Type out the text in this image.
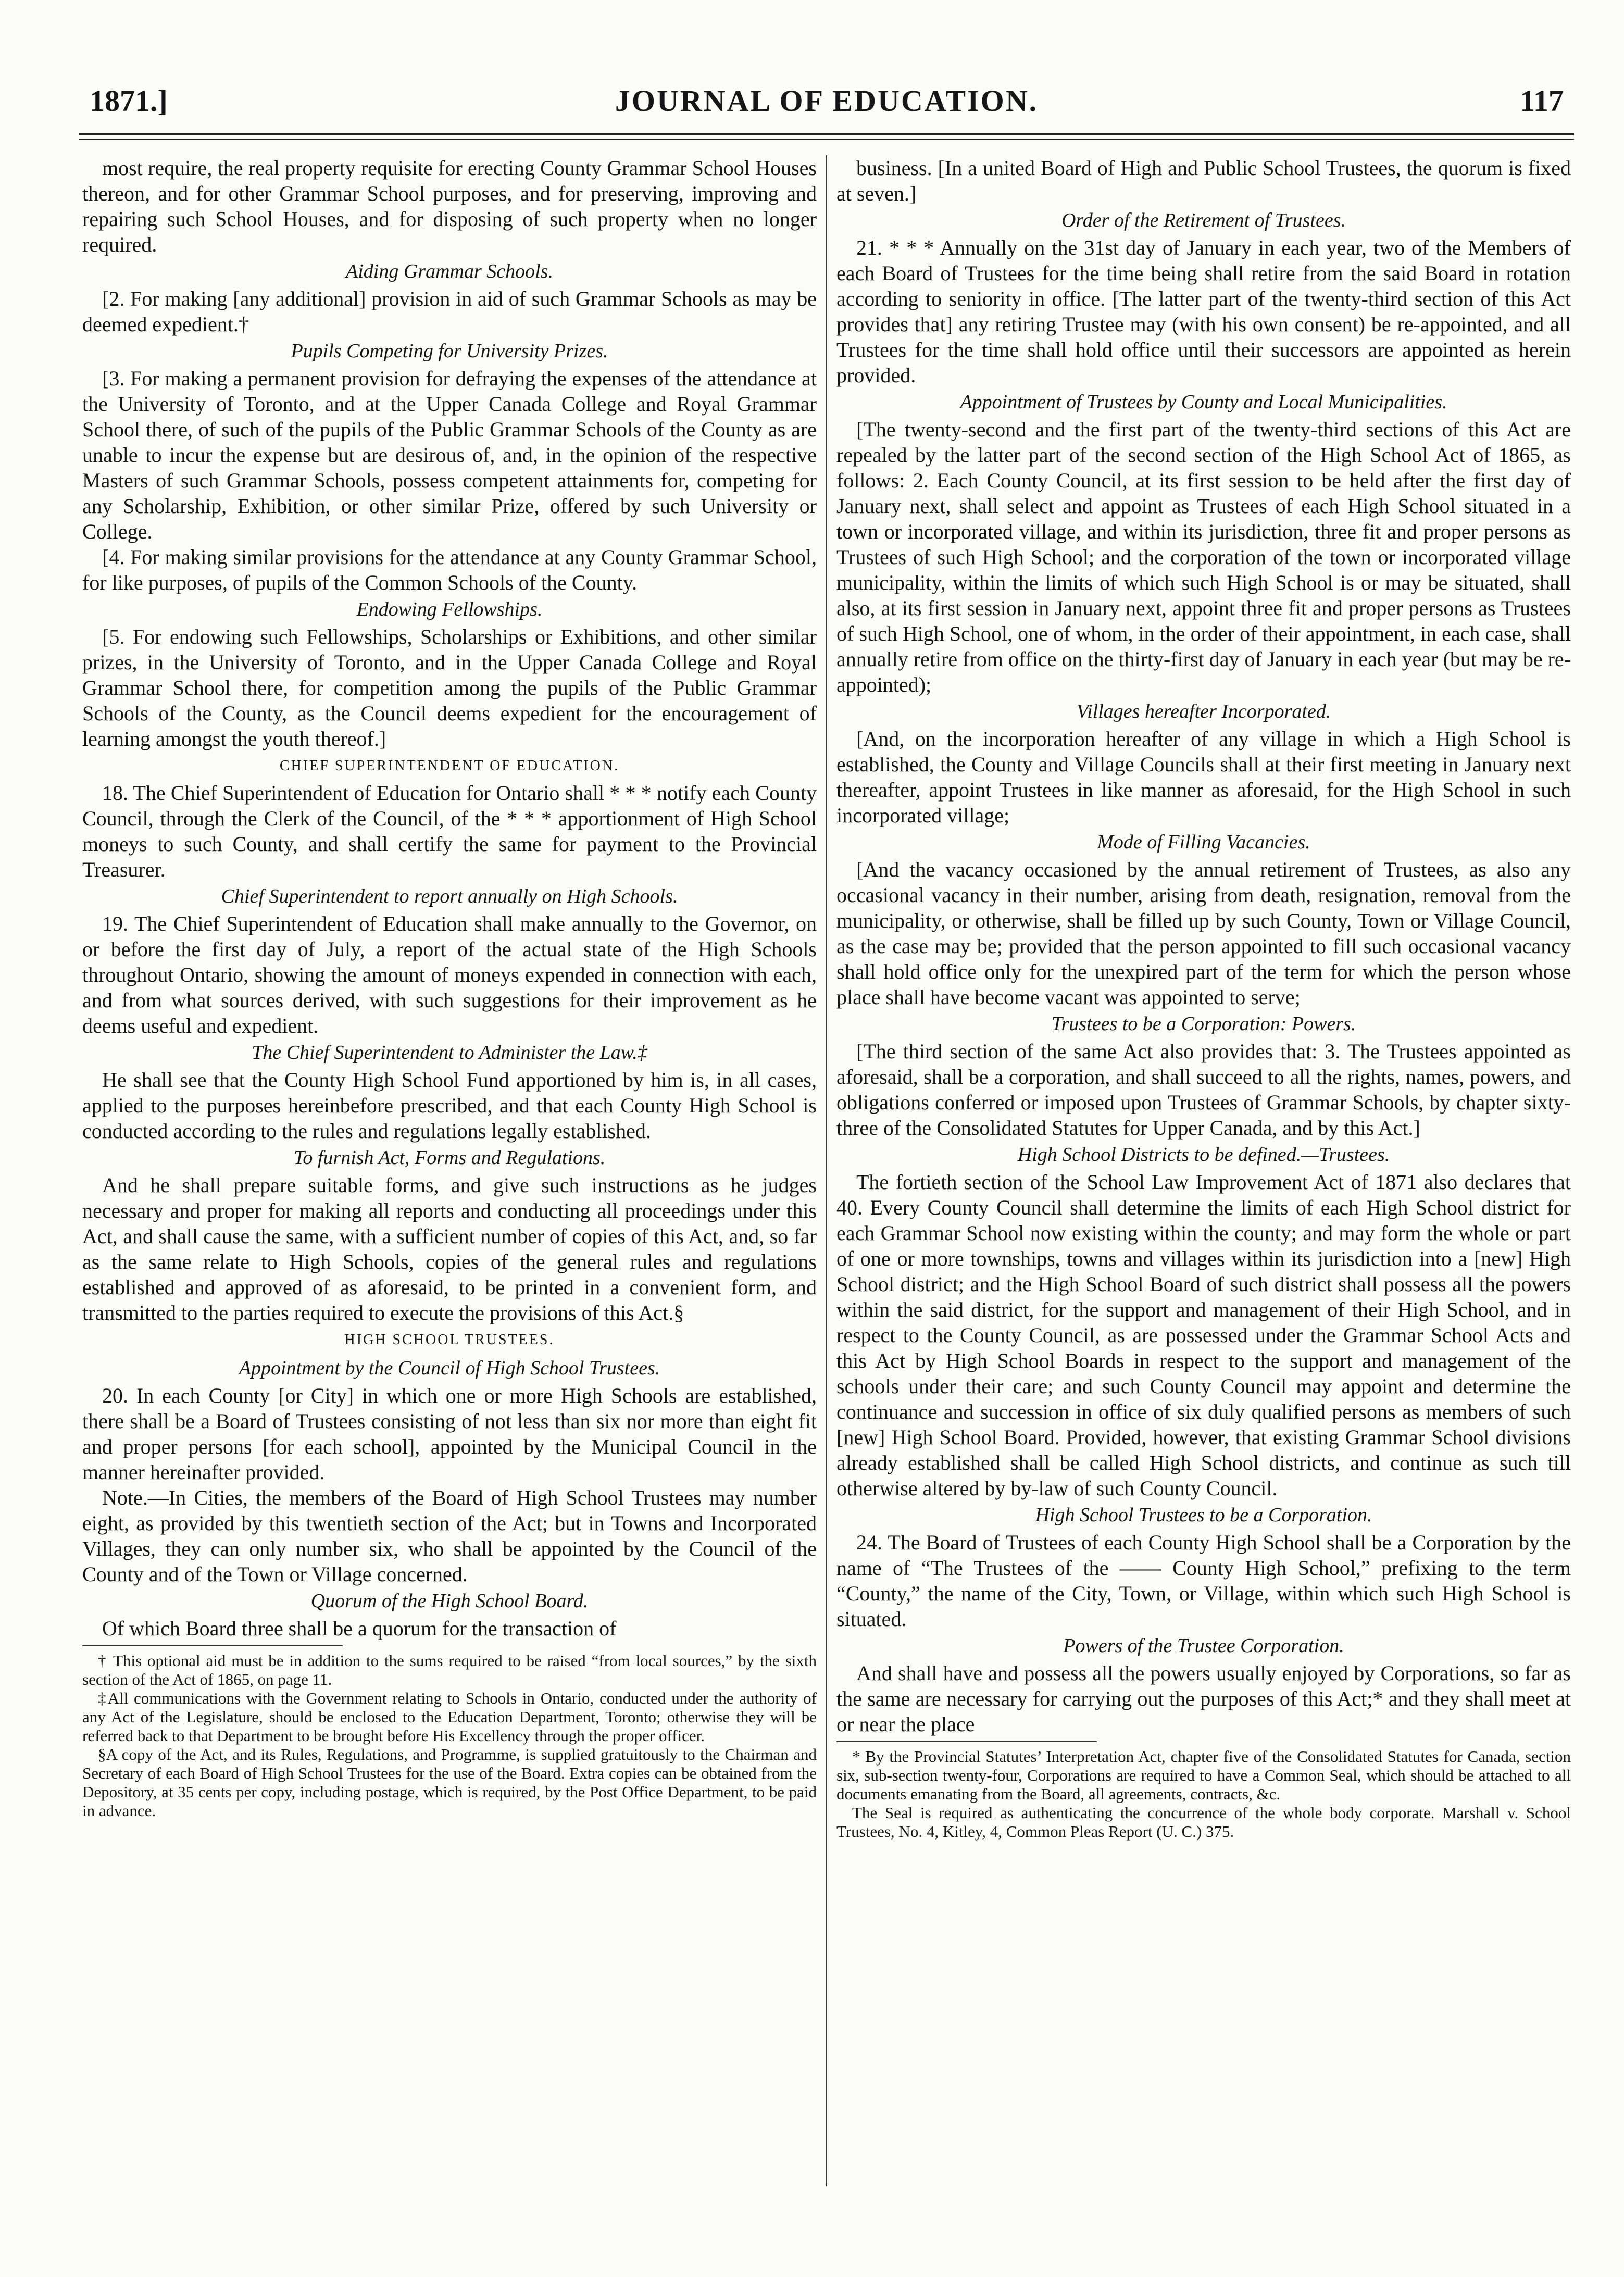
1871.]	JOURNAL OF EDUCATION.	117

most require, the real property requisite for erecting County Grammar School Houses thereon, and for other Grammar School purposes, and for preserving, improving and repairing such School Houses, and for disposing of such property when no longer required.

Aiding Grammar Schools.

[2. For making [any additional] provision in aid of such Grammar Schools as may be deemed expedient.†

Pupils Competing for University Prizes.

[3. For making a permanent provision for defraying the expenses of the attendance at the University of Toronto, and at the Upper Canada College and Royal Grammar School there, of such of the pupils of the Public Grammar Schools of the County as are unable to incur the expense but are desirous of, and, in the opinion of the respective Masters of such Grammar Schools, possess competent attainments for, competing for any Scholarship, Exhibition, or other similar Prize, offered by such University or College.

[4. For making similar provisions for the attendance at any County Grammar School, for like purposes, of pupils of the Common Schools of the County.

Endowing Fellowships.

[5. For endowing such Fellowships, Scholarships or Exhibitions, and other similar prizes, in the University of Toronto, and in the Upper Canada College and Royal Grammar School there, for competition among the pupils of the Public Grammar Schools of the County, as the Council deems expedient for the encouragement of learning amongst the youth thereof.]

CHIEF SUPERINTENDENT OF EDUCATION.

18. The Chief Superintendent of Education for Ontario shall * * * notify each County Council, through the Clerk of the Council, of the * * * apportionment of High School moneys to such County, and shall certify the same for payment to the Provincial Treasurer.

Chief Superintendent to report annually on High Schools.

19. The Chief Superintendent of Education shall make annually to the Governor, on or before the first day of July, a report of the actual state of the High Schools throughout Ontario, showing the amount of moneys expended in connection with each, and from what sources derived, with such suggestions for their improvement as he deems useful and expedient.

The Chief Superintendent to Administer the Law.‡

He shall see that the County High School Fund apportioned by him is, in all cases, applied to the purposes hereinbefore prescribed, and that each County High School is conducted according to the rules and regulations legally established.

To furnish Act, Forms and Regulations.

And he shall prepare suitable forms, and give such instructions as he judges necessary and proper for making all reports and conducting all proceedings under this Act, and shall cause the same, with a sufficient number of copies of this Act, and, so far as the same relate to High Schools, copies of the general rules and regulations established and approved of as aforesaid, to be printed in a convenient form, and transmitted to the parties required to execute the provisions of this Act.§

HIGH SCHOOL TRUSTEES.

Appointment by the Council of High School Trustees.

20. In each County [or City] in which one or more High Schools are established, there shall be a Board of Trustees consisting of not less than six nor more than eight fit and proper persons [for each school], appointed by the Municipal Council in the manner hereinafter provided.

Note.—In Cities, the members of the Board of High School Trustees may number eight, as provided by this twentieth section of the Act; but in Towns and Incorporated Villages, they can only number six, who shall be appointed by the Council of the County and of the Town or Village concerned.

Quorum of the High School Board.

Of which Board three shall be a quorum for the transaction of

† This optional aid must be in addition to the sums required to be raised “from local sources,” by the sixth section of the Act of 1865, on page 11.

‡All communications with the Government relating to Schools in Ontario, conducted under the authority of any Act of the Legislature, should be enclosed to the Education Department, Toronto; otherwise they will be referred back to that Department to be brought before His Excellency through the proper officer.

§A copy of the Act, and its Rules, Regulations, and Programme, is supplied gratuitously to the Chairman and Secretary of each Board of High School Trustees for the use of the Board. Extra copies can be obtained from the Depository, at 35 cents per copy, including postage, which is required, by the Post Office Department, to be paid in advance.

business. [In a united Board of High and Public School Trustees, the quorum is fixed at seven.]

Order of the Retirement of Trustees.

21. * * * Annually on the 31st day of January in each year, two of the Members of each Board of Trustees for the time being shall retire from the said Board in rotation according to seniority in office. [The latter part of the twenty-third section of this Act provides that] any retiring Trustee may (with his own consent) be re-appointed, and all Trustees for the time shall hold office until their successors are appointed as herein provided.

Appointment of Trustees by County and Local Municipalities.

[The twenty-second and the first part of the twenty-third sections of this Act are repealed by the latter part of the second section of the High School Act of 1865, as follows: 2. Each County Council, at its first session to be held after the first day of January next, shall select and appoint as Trustees of each High School situated in a town or incorporated village, and within its jurisdiction, three fit and proper persons as Trustees of such High School; and the corporation of the town or incorporated village municipality, within the limits of which such High School is or may be situated, shall also, at its first session in January next, appoint three fit and proper persons as Trustees of such High School, one of whom, in the order of their appointment, in each case, shall annually retire from office on the thirty-first day of January in each year (but may be re-appointed);

Villages hereafter Incorporated.

[And, on the incorporation hereafter of any village in which a High School is established, the County and Village Councils shall at their first meeting in January next thereafter, appoint Trustees in like manner as aforesaid, for the High School in such incorporated village;

Mode of Filling Vacancies.

[And the vacancy occasioned by the annual retirement of Trustees, as also any occasional vacancy in their number, arising from death, resignation, removal from the municipality, or otherwise, shall be filled up by such County, Town or Village Council, as the case may be; provided that the person appointed to fill such occasional vacancy shall hold office only for the unexpired part of the term for which the person whose place shall have become vacant was appointed to serve;

Trustees to be a Corporation: Powers.

[The third section of the same Act also provides that: 3. The Trustees appointed as aforesaid, shall be a corporation, and shall succeed to all the rights, names, powers, and obligations conferred or imposed upon Trustees of Grammar Schools, by chapter sixty-three of the Consolidated Statutes for Upper Canada, and by this Act.]

High School Districts to be defined.—Trustees.

The fortieth section of the School Law Improvement Act of 1871 also declares that 40. Every County Council shall determine the limits of each High School district for each Grammar School now existing within the county; and may form the whole or part of one or more townships, towns and villages within its jurisdiction into a [new] High School district; and the High School Board of such district shall possess all the powers within the said district, for the support and management of their High School, and in respect to the County Council, as are possessed under the Grammar School Acts and this Act by High School Boards in respect to the support and management of the schools under their care; and such County Council may appoint and determine the continuance and succession in office of six duly qualified persons as members of such [new] High School Board. Provided, however, that existing Grammar School divisions already established shall be called High School districts, and continue as such till otherwise altered by by-law of such County Council.

High School Trustees to be a Corporation.

24. The Board of Trustees of each County High School shall be a Corporation by the name of “The Trustees of the —— County High School,” prefixing to the term “County,” the name of the City, Town, or Village, within which such High School is situated.

Powers of the Trustee Corporation.

And shall have and possess all the powers usually enjoyed by Corporations, so far as the same are necessary for carrying out the purposes of this Act;* and they shall meet at or near the place

* By the Provincial Statutes’ Interpretation Act, chapter five of the Consolidated Statutes for Canada, section six, sub-section twenty-four, Corporations are required to have a Common Seal, which should be attached to all documents emanating from the Board, all agreements, contracts, &c.

The Seal is required as authenticating the concurrence of the whole body corporate. Marshall v. School Trustees, No. 4, Kitley, 4, Common Pleas Report (U. C.) 375.
